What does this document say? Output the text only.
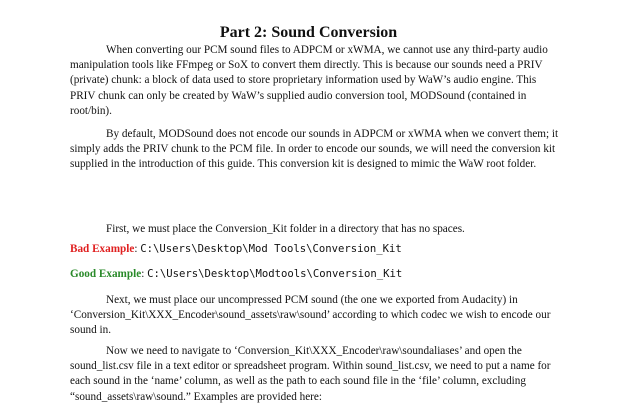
Part 2: Sound Conversion

When converting our PCM sound files to ADPCM or xWMA, we cannot use any third-party audio manipulation tools like FFmpeg or SoX to convert them directly. This is because our sounds need a PRIV (private) chunk: a block of data used to store proprietary information used by WaW’s audio engine. This PRIV chunk can only be created by WaW’s supplied audio conversion tool, MODSound (contained in root/bin).

By default, MODSound does not encode our sounds in ADPCM or xWMA when we convert them; it simply adds the PRIV chunk to the PCM file. In order to encode our sounds, we will need the conversion kit supplied in the introduction of this guide. This conversion kit is designed to mimic the WaW root folder.

First, we must place the Conversion_Kit folder in a directory that has no spaces.

Bad Example: C:\Users\Desktop\Mod Tools\Conversion_Kit

Good Example: C:\Users\Desktop\Modtools\Conversion_Kit

Next, we must place our uncompressed PCM sound (the one we exported from Audacity) in ‘Conversion_Kit\XXX_Encoder\sound_assets\raw\sound’ according to which codec we wish to encode our sound in.

Now we need to navigate to ‘Conversion_Kit\XXX_Encoder\raw\soundaliases’ and open the sound_list.csv file in a text editor or spreadsheet program. Within sound_list.csv, we need to put a name for each sound in the ‘name’ column, as well as the path to each sound file in the ‘file’ column, excluding “sound_assets\raw\sound.” Examples are provided here:
